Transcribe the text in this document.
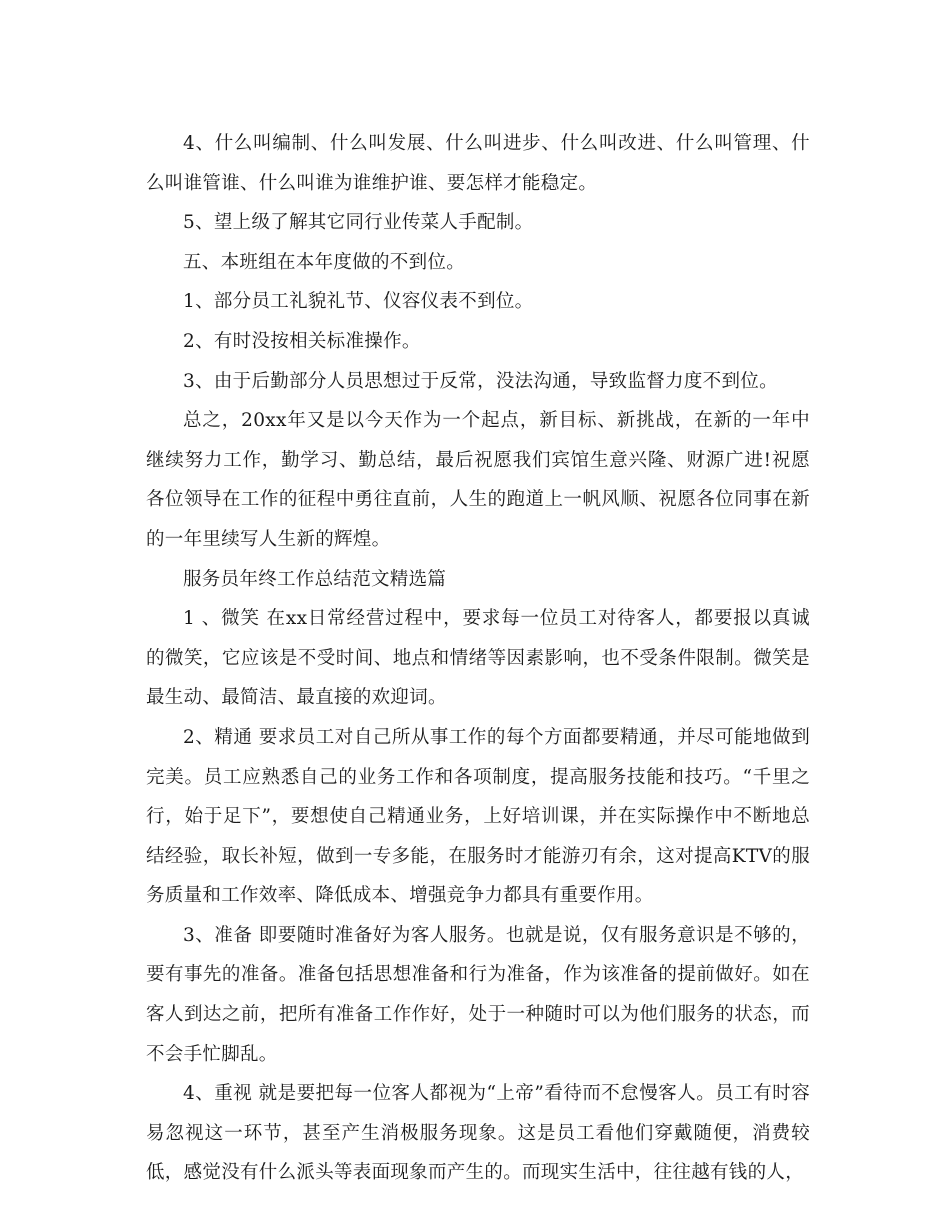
4、什么叫编制、什么叫发展、什么叫进步、什么叫改进、什么叫管理、什么叫谁管谁、什么叫谁为谁维护谁、要怎样才能稳定。

5、望上级了解其它同行业传菜人手配制。

五、本班组在本年度做的不到位。

1、部分员工礼貌礼节、仪容仪表不到位。

2、有时没按相关标准操作。

3、由于后勤部分人员思想过于反常，没法沟通，导致监督力度不到位。

总之，20xx年又是以今天作为一个起点，新目标、新挑战，在新的一年中继续努力工作，勤学习、勤总结，最后祝愿我们宾馆生意兴隆、财源广进!祝愿各位领导在工作的征程中勇往直前，人生的跑道上一帆风顺、祝愿各位同事在新的一年里续写人生新的辉煌。

服务员年终工作总结范文精选篇

1 、微笑 在xx日常经营过程中，要求每一位员工对待客人，都要报以真诚的微笑，它应该是不受时间、地点和情绪等因素影响，也不受条件限制。微笑是最生动、最简洁、最直接的欢迎词。

2、精通 要求员工对自己所从事工作的每个方面都要精通，并尽可能地做到完美。员工应熟悉自己的业务工作和各项制度，提高服务技能和技巧。“千里之行，始于足下”，要想使自己精通业务，上好培训课，并在实际操作中不断地总结经验，取长补短，做到一专多能，在服务时才能游刃有余，这对提高KTV的服务质量和工作效率、降低成本、增强竞争力都具有重要作用。

3、准备 即要随时准备好为客人服务。也就是说，仅有服务意识是不够的，要有事先的准备。准备包括思想准备和行为准备，作为该准备的提前做好。如在客人到达之前，把所有准备工作作好，处于一种随时可以为他们服务的状态，而不会手忙脚乱。

4、重视 就是要把每一位客人都视为“上帝”看待而不怠慢客人。员工有时容易忽视这一环节，甚至产生消极服务现象。这是员工看他们穿戴随便，消费较低，感觉没有什么派头等表面现象而产生的。而现实生活中，往往越有钱的人，
